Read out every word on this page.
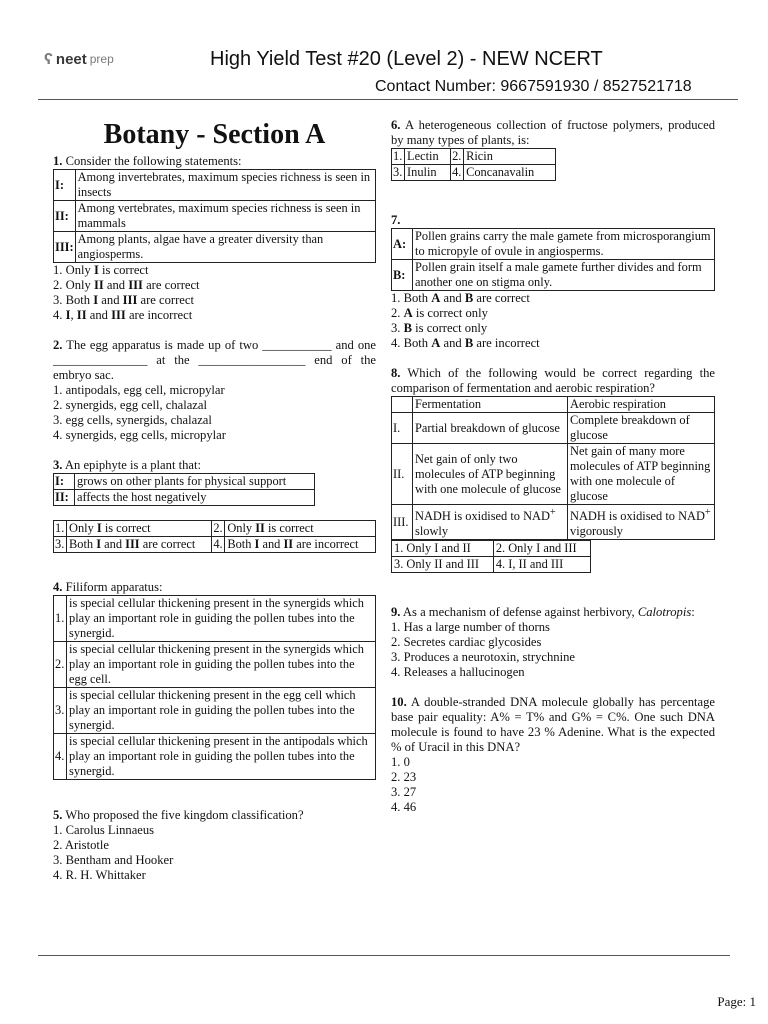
ʕ neet prep	High Yield Test #20 (Level 2) - NEW NCERT
Contact Number: 9667591930 / 8527521718
Botany - Section A

1. Consider the following statements:

I:	Among invertebrates, maximum species richness is seen in insects
II:	Among vertebrates, maximum species richness is seen in mammals
III:	Among plants, algae have a greater diversity than angiosperms.

1. Only I is correct

2. Only II and III are correct

3. Both I and III are correct

4. I, II and III are incorrect

2. The egg apparatus is made up of two ___________ and one _______________ at the _________________ end of the embryo sac.

1. antipodals, egg cell, micropylar

2. synergids, egg cell, chalazal

3. egg cells, synergids, chalazal

4. synergids, egg cells, micropylar

3. An epiphyte is a plant that:

I:	grows on other plants for physical support
II:	affects the host negatively
1.	Only I is correct	2.	Only II is correct
3.	Both I and III are correct	4.	Both I and II are incorrect

4. Filiform apparatus:

1.	is special cellular thickening present in the synergids which play an important role in guiding the pollen tubes into the synergid.
2.	is special cellular thickening present in the synergids which play an important role in guiding the pollen tubes into the egg cell.
3.	is special cellular thickening present in the egg cell which play an important role in guiding the pollen tubes into the synergid.
4.	is special cellular thickening present in the antipodals which play an important role in guiding the pollen tubes into the synergid.

5. Who proposed the five kingdom classification?

1. Carolus Linnaeus

2. Aristotle

3. Bentham and Hooker

4. R. H. Whittaker

6. A heterogeneous collection of fructose polymers, produced by many types of plants, is:

1.	Lectin	2.	Ricin
3.	Inulin	4.	Concanavalin

7.

A:	Pollen grains carry the male gamete from microsporangium to micropyle of ovule in angiosperms.
B:	Pollen grain itself a male gamete further divides and form another one on stigma only.

1. Both A and B are correct

2. A is correct only

3. B is correct only

4. Both A and B are incorrect

8. Which of the following would be correct regarding the comparison of fermentation and aerobic respiration?

	Fermentation	Aerobic respiration
I.	Partial breakdown of glucose	Complete breakdown of glucose
II.	Net gain of only two molecules of ATP beginning with one molecule of glucose	Net gain of many more molecules of ATP beginning with one molecule of glucose
III.	NADH is oxidised to NAD+ slowly	NADH is oxidised to NAD+ vigorously
1. Only I and II	2. Only I and III
3. Only II and III	4. I, II and III

9. As a mechanism of defense against herbivory, Calotropis:

1. Has a large number of thorns

2. Secretes cardiac glycosides

3. Produces a neurotoxin, strychnine

4. Releases a hallucinogen

10. A double-stranded DNA molecule globally has percentage base pair equality: A% = T% and G% = C%. One such DNA molecule is found to have 23 % Adenine. What is the expected % of Uracil in this DNA?

1. 0

2. 23

3. 27

4. 46

Page: 1
